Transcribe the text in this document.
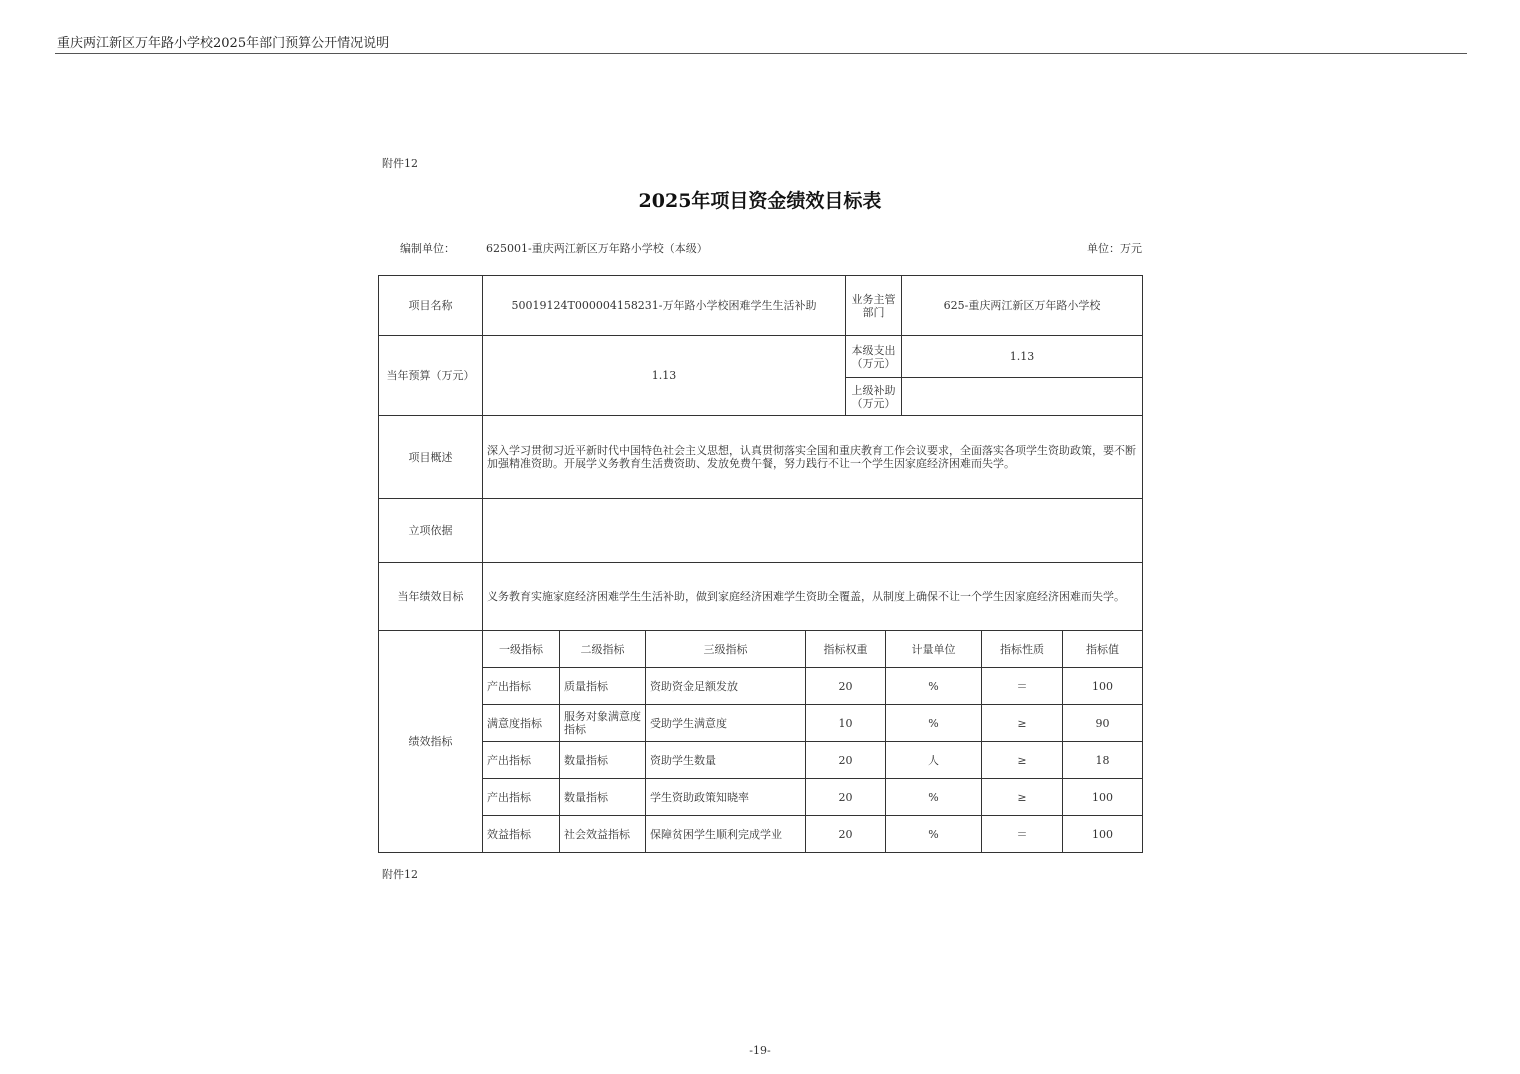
重庆两江新区万年路小学校2025年部门预算公开情况说明
附件12
2025年项目资金绩效目标表
编制单位：	625001-重庆两江新区万年路小学校（本级）	单位：万元
项目名称	50019124T000004158231-万年路小学校困难学生生活补助				业务主管部门		625-重庆两江新区万年路小学校		
当年预算（万元）	1.13				本级支出（万元）		1.13		
					上级补助（万元）				
项目概述	深入学习贯彻习近平新时代中国特色社会主义思想，认真贯彻落实全国和重庆教育工作会议要求，全面落实各项学生资助政策，要不断加强精准资助。开展学义务教育生活费资助、发放免费午餐，努力践行不让一个学生因家庭经济困难而失学。								
立项依据									
当年绩效目标	义务教育实施家庭经济困难学生生活补助，做到家庭经济困难学生资助全覆盖，从制度上确保不让一个学生因家庭经济困难而失学。								
绩效指标	一级指标	二级指标	三级指标	指标权重		计量单位		指标性质	指标值
	产出指标	质量指标	资助资金足额发放	20		%		＝	100
	满意度指标	服务对象满意度指标	受助学生满意度	10		%		≥	90
	产出指标	数量指标	资助学生数量	20		人		≥	18
	产出指标	数量指标	学生资助政策知晓率	20		%		≥	100
	效益指标	社会效益指标	保障贫困学生顺利完成学业	20		%		＝	100
附件12
-19-
